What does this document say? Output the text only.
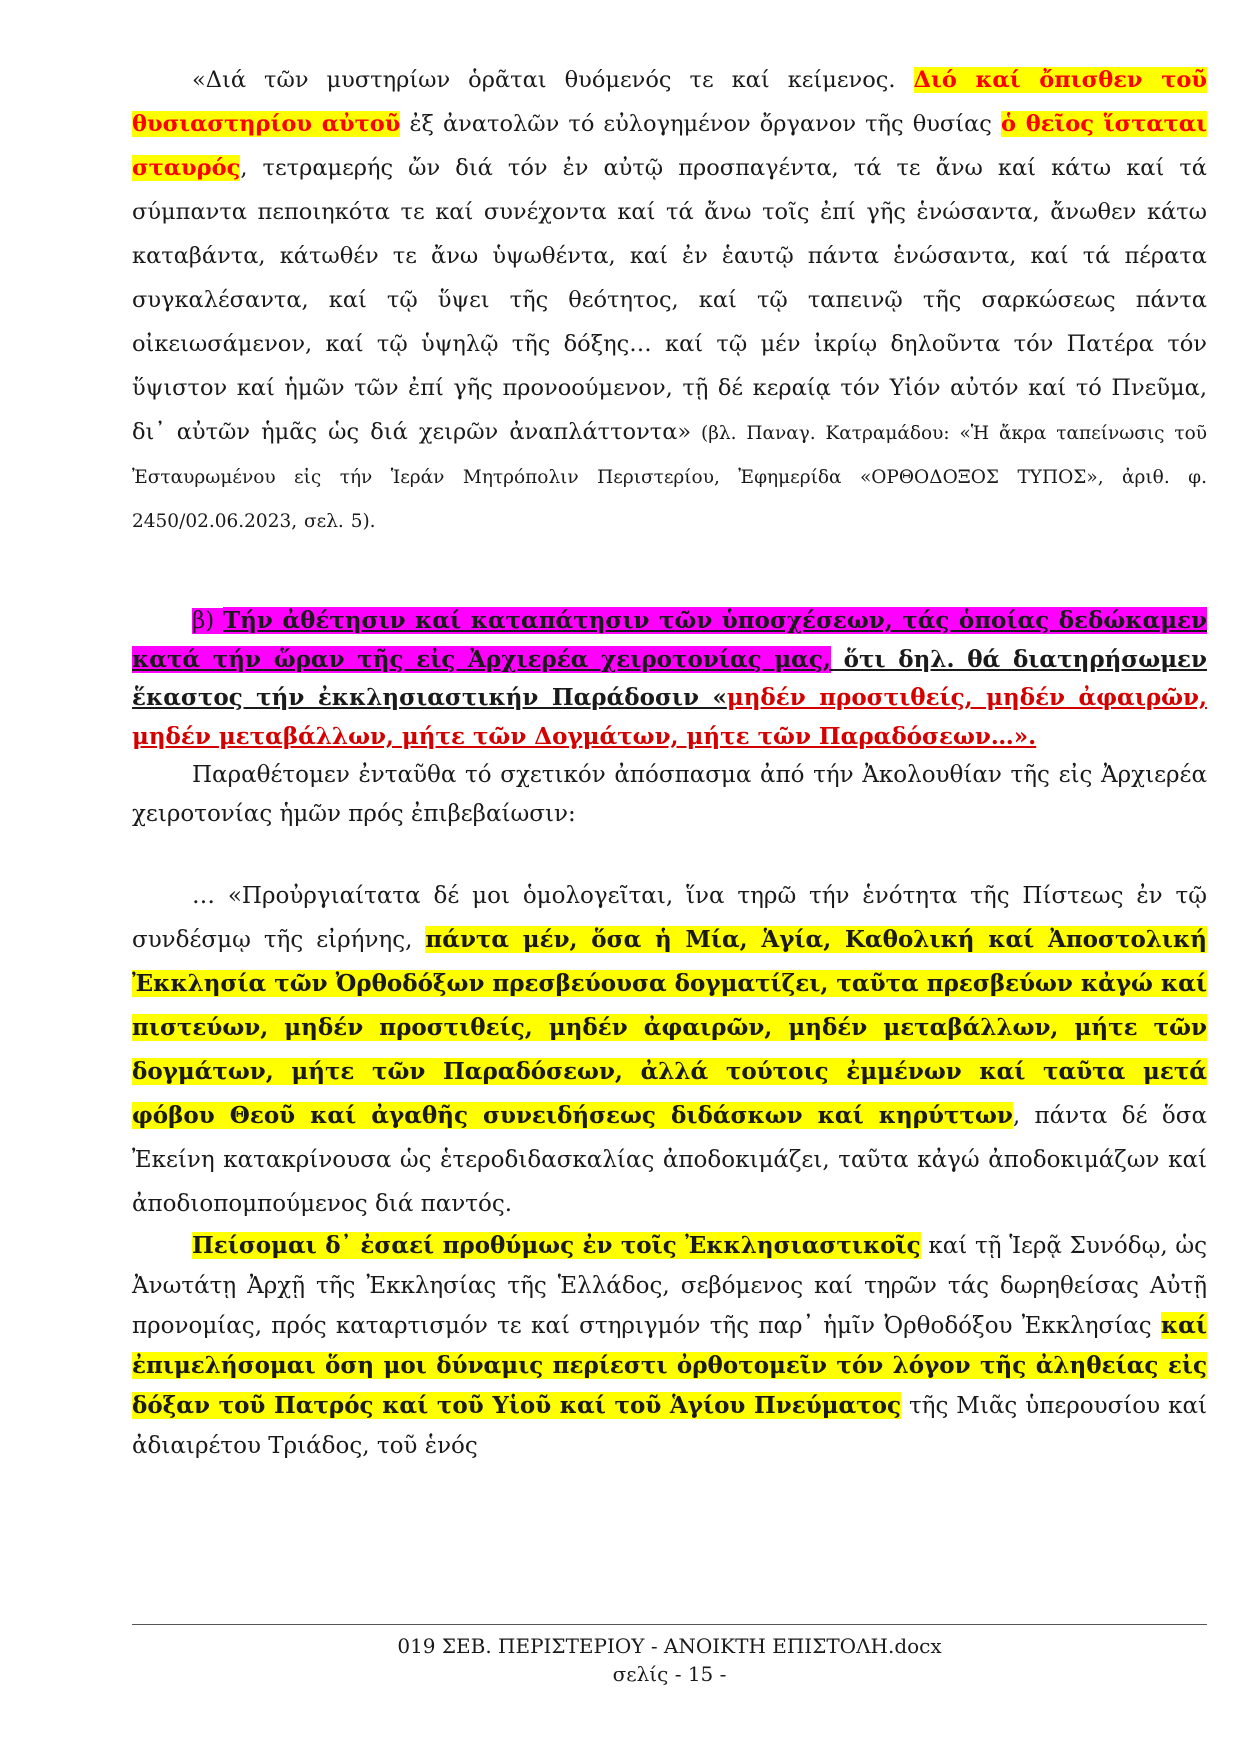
«Διά τῶν μυστηρίων ὁρᾶται θυόμενός τε καί κείμενος. Διό καί ὄπισθεν τοῦ θυσιαστηρίου αὐτοῦ ἐξ ἀνατολῶν τό εὐλογημένον ὄργανον τῆς θυσίας ὁ θεῖος ἵσταται σταυρός, τετραμερής ὤν διά τόν ἐν αὐτῷ προσπαγέντα, τά τε ἄνω καί κάτω καί τά σύμπαντα πεποιηκότα τε καί συνέχοντα καί τά ἄνω τοῖς ἐπί γῆς ἑνώσαντα, ἄνωθεν κάτω καταβάντα, κάτωθέν τε ἄνω ὑψωθέντα, καί ἐν ἑαυτῷ πάντα ἑνώσαντα, καί τά πέρατα συγκαλέσαντα, καί τῷ ὕψει τῆς θεότητος, καί τῷ ταπεινῷ τῆς σαρκώσεως πάντα οἰκειωσάμενον, καί τῷ ὑψηλῷ τῆς δόξης… καί τῷ μέν ἰκρίῳ δηλοῦντα τόν Πατέρα τόν ὕψιστον καί ἡμῶν τῶν ἐπί γῆς προνοούμενον, τῇ δέ κεραίᾳ τόν Υἱόν αὐτόν καί τό Πνεῦμα, δι᾽ αὐτῶν ἡμᾶς ὡς διά χειρῶν ἀναπλάττοντα» (βλ. Παναγ. Κατραμάδου: «Ἡ ἄκρα ταπείνωσις τοῦ Ἐσταυρωμένου εἰς τήν Ἱεράν Μητρόπολιν Περιστερίου, Ἐφημερίδα «ΟΡΘΟΔΟΞΟΣ ΤΥΠΟΣ», ἀριθ. φ. 2450/02.06.2023, σελ. 5).

β) Τήν ἀθέτησιν καί καταπάτησιν τῶν ὑποσχέσεων, τάς ὁποίας δεδώκαμεν κατά τήν ὥραν τῆς εἰς Ἀρχιερέα χειροτονίας μας, ὅτι δηλ. θά διατηρήσωμεν ἕκαστος τήν ἐκκλησιαστικήν Παράδοσιν «μηδέν προστιθείς, μηδέν ἀφαιρῶν, μηδέν μεταβάλλων, μήτε τῶν Δογμάτων, μήτε τῶν Παραδόσεων…».

Παραθέτομεν ἐνταῦθα τό σχετικόν ἀπόσπασμα ἀπό τήν Ἀκολουθίαν τῆς εἰς Ἀρχιερέα χειροτονίας ἡμῶν πρός ἐπιβεβαίωσιν:

… «Προὐργιαίτατα δέ μοι ὁμολογεῖται, ἵνα τηρῶ τήν ἑνότητα τῆς Πίστεως ἐν τῷ συνδέσμῳ τῆς εἰρήνης, πάντα μέν, ὅσα ἡ Μία, Ἁγία, Καθολική καί Ἀποστολική Ἐκκλησία τῶν Ὀρθοδόξων πρεσβεύουσα δογματίζει, ταῦτα πρεσβεύων κἀγώ καί πιστεύων, μηδέν προστιθείς, μηδέν ἀφαιρῶν, μηδέν μεταβάλλων, μήτε τῶν δογμάτων, μήτε τῶν Παραδόσεων, ἀλλά τούτοις ἐμμένων καί ταῦτα μετά φόβου Θεοῦ καί ἀγαθῆς συνειδήσεως διδάσκων καί κηρύττων, πάντα δέ ὅσα Ἐκείνη κατακρίνουσα ὡς ἑτεροδιδασκαλίας ἀποδοκιμάζει, ταῦτα κἀγώ ἀποδοκιμάζων καί ἀποδιοπομπούμενος διά παντός.

Πείσομαι δ᾽ ἐσαεί προθύμως ἐν τοῖς Ἐκκλησιαστικοῖς καί τῇ Ἱερᾷ Συνόδῳ, ὡς Ἀνωτάτῃ Ἀρχῇ τῆς Ἐκκλησίας τῆς Ἑλλάδος, σεβόμενος καί τηρῶν τάς δωρηθείσας Αὐτῇ προνομίας, πρός καταρτισμόν τε καί στηριγμόν τῆς παρ᾽ ἡμῖν Ὀρθοδόξου Ἐκκλησίας καί ἐπιμελήσομαι ὅση μοι δύναμις περίεστι ὀρθοτομεῖν τόν λόγον τῆς ἀληθείας εἰς δόξαν τοῦ Πατρός καί τοῦ Υἱοῦ καί τοῦ Ἁγίου Πνεύματος τῆς Μιᾶς ὑπερουσίου καί ἀδιαιρέτου Τριάδος, τοῦ ἑνός

019 ΣΕΒ. ΠΕΡΙΣΤΕΡΙΟΥ - ΑΝΟΙΚΤΗ ΕΠΙΣΤΟΛΗ.docx
σελίς - 15 -
